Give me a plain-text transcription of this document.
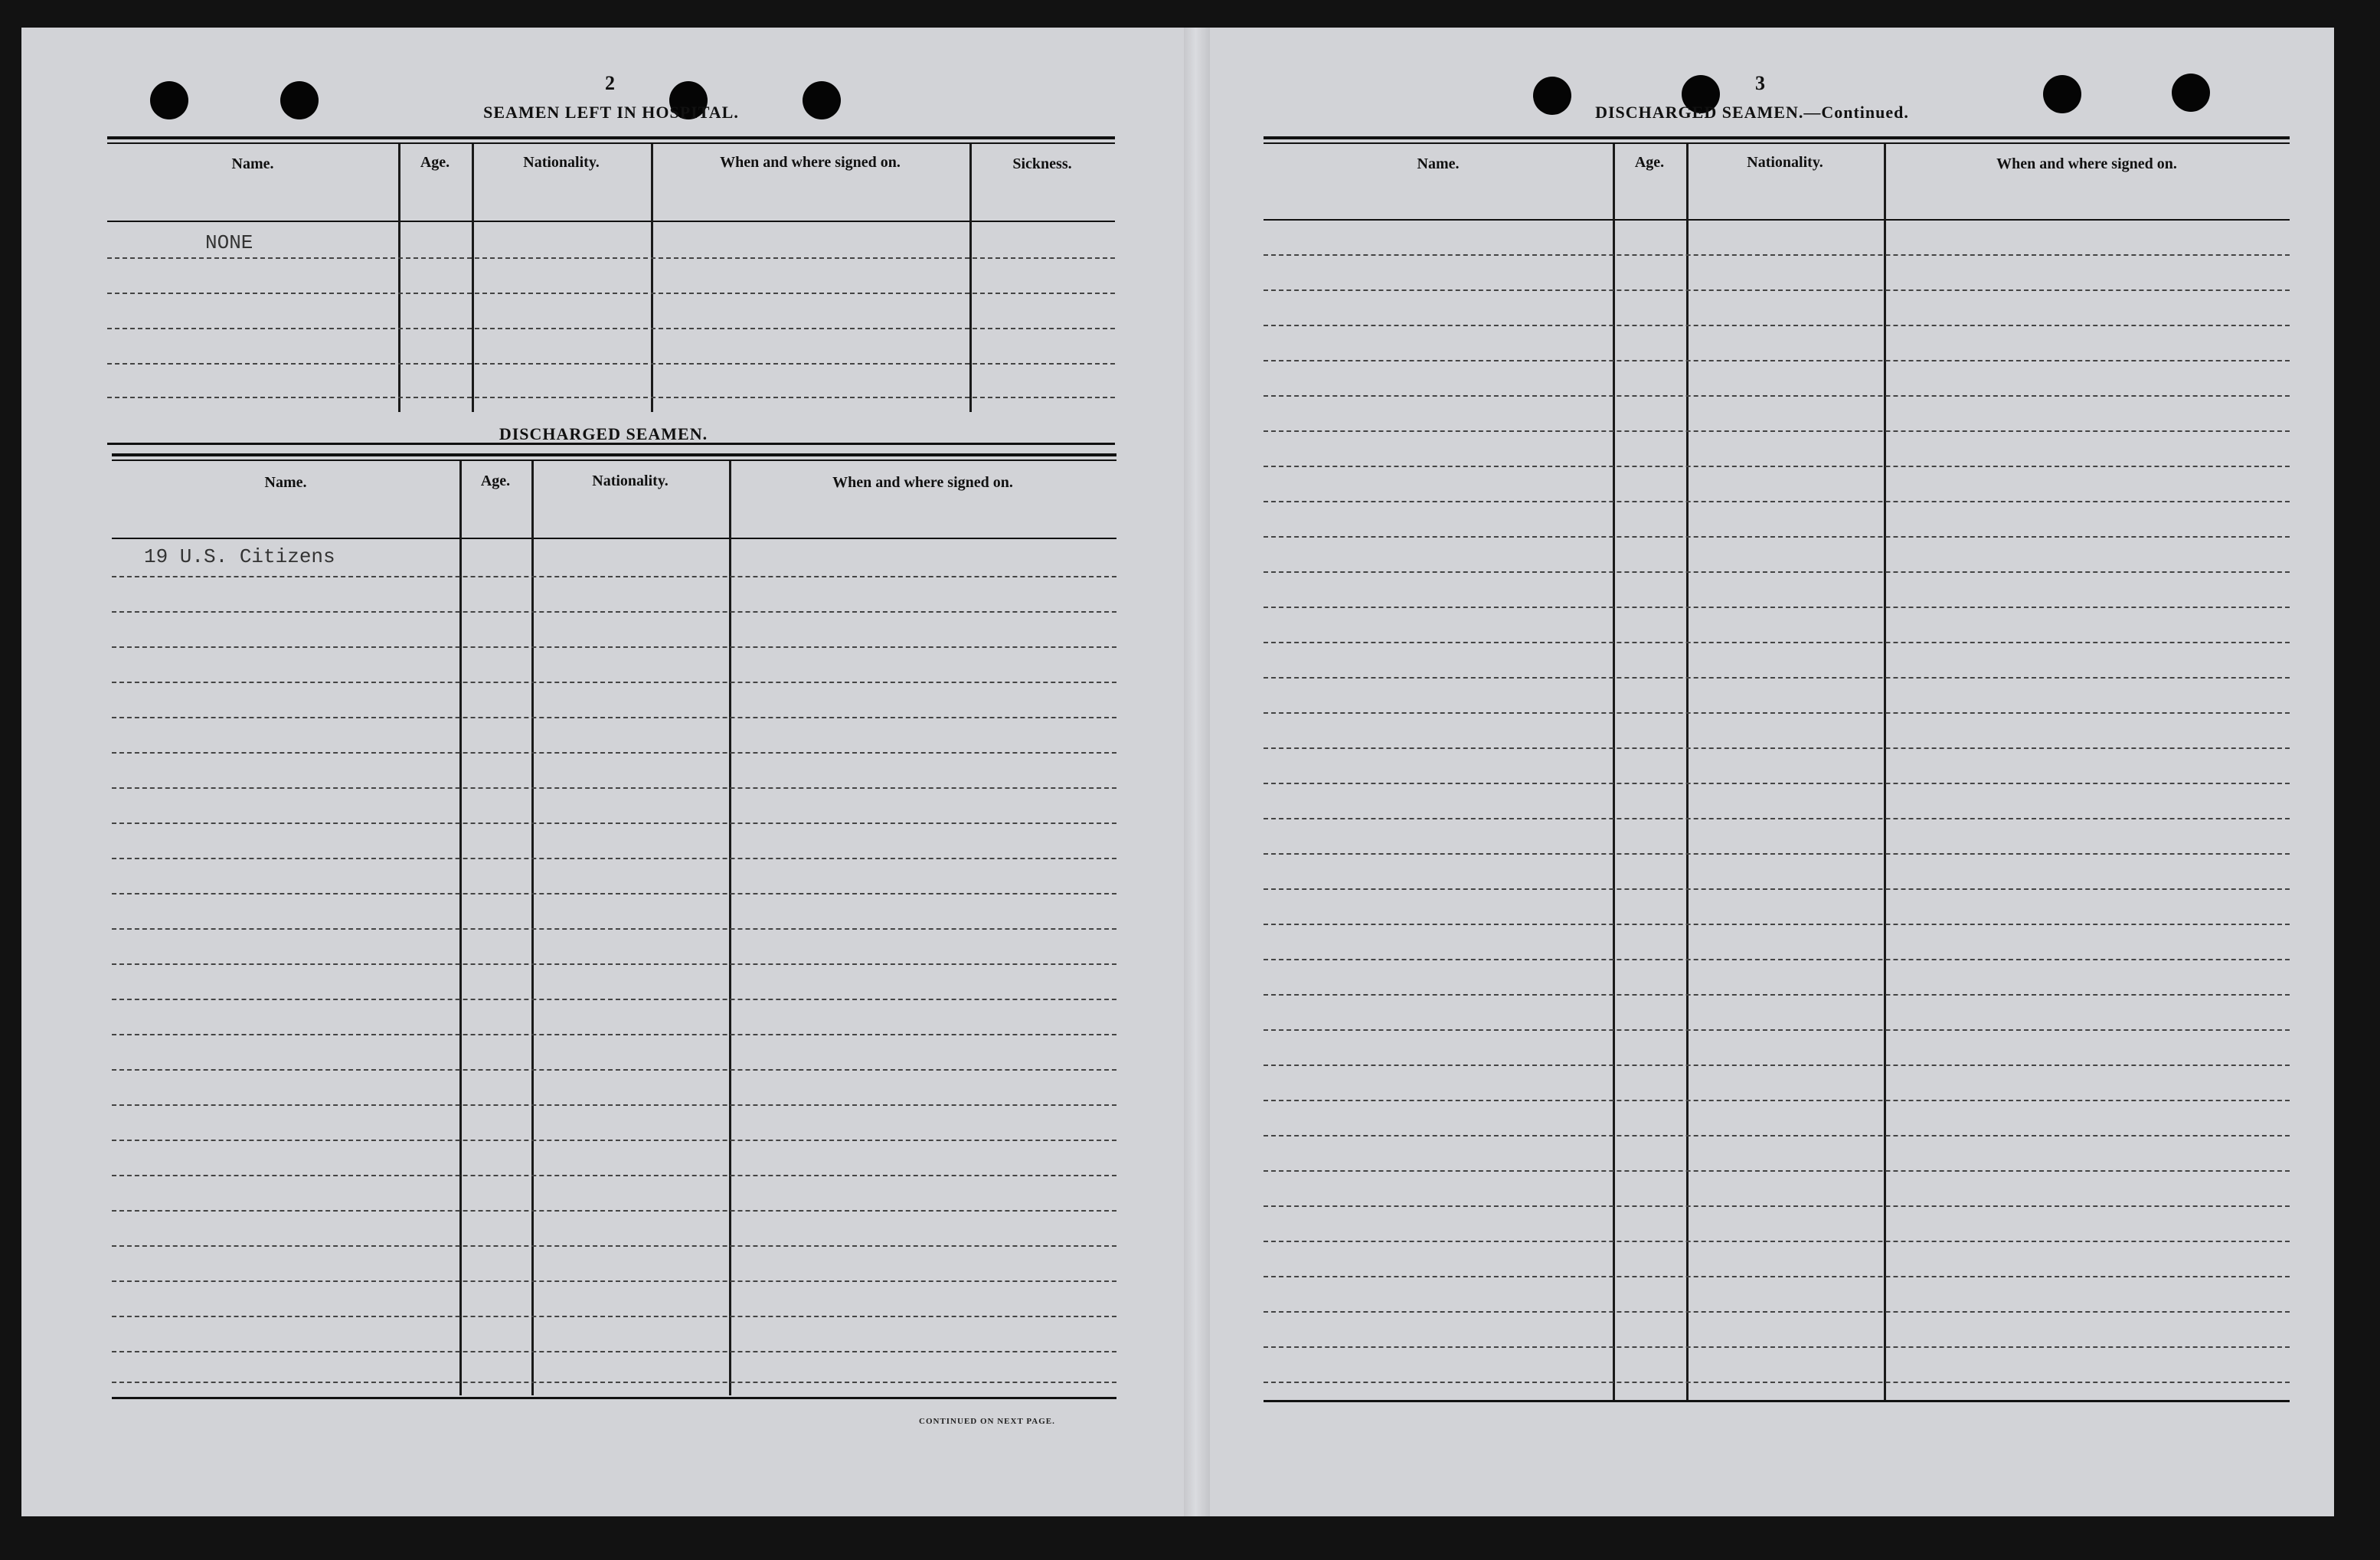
2
SEAMEN LEFT IN HOSPITAL.
Name.	Age.	Nationality.	When and where signed on.	Sickness.
NONE
DISCHARGED SEAMEN.
Name.	Age.	Nationality.	When and where signed on.
19 U.S. Citizens
CONTINUED ON NEXT PAGE.
3
DISCHARGED SEAMEN.—Continued.
Name.	Age.	Nationality.	When and where signed on.
